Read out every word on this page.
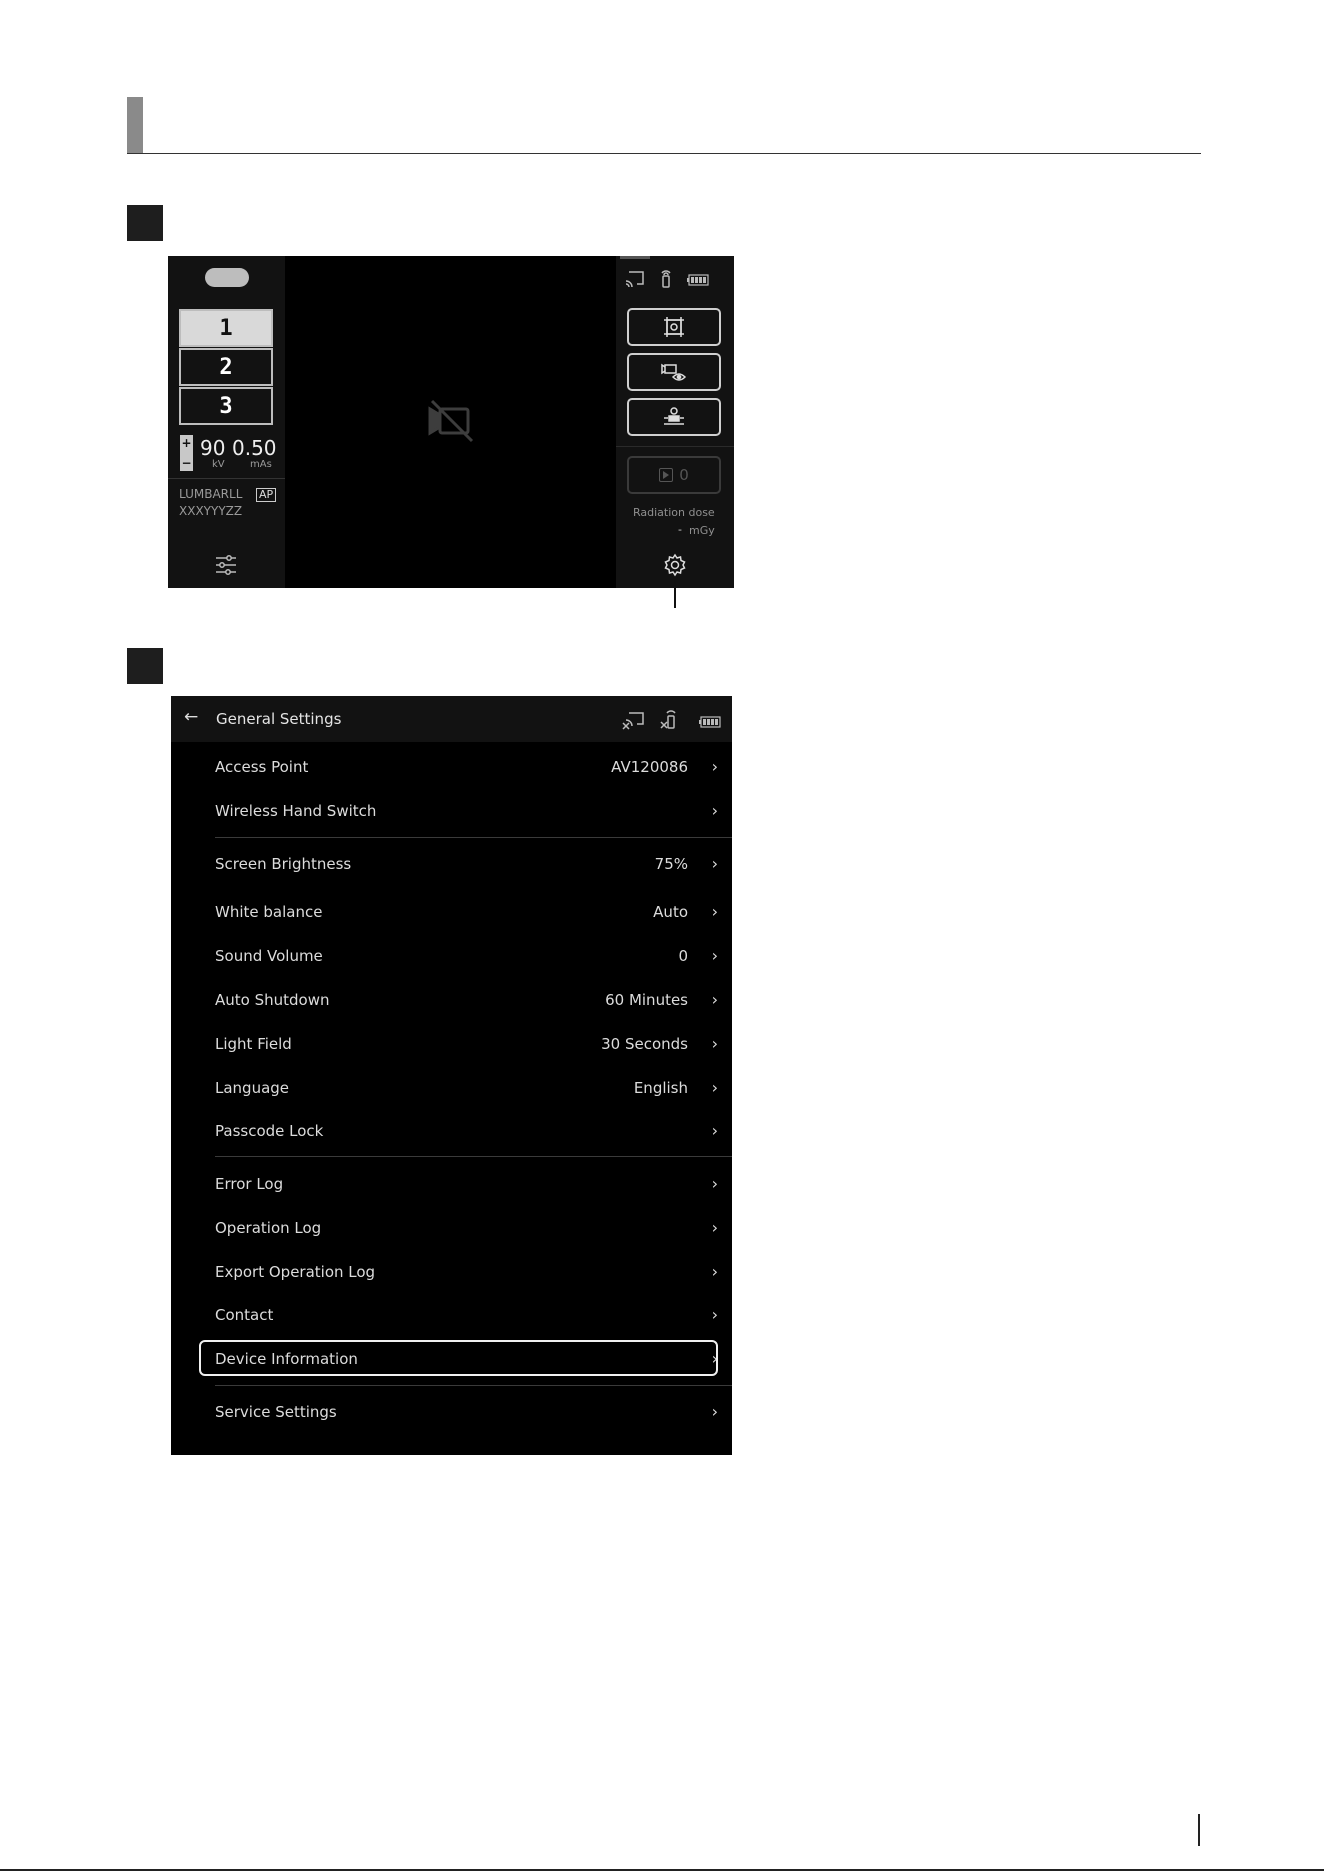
1
2
3
+
−
90
kV
0.50
mAs
LUMBARLL AP
XXXYYYZZ
0
Radiation dose
- mGy
← General Settings
Access Point	AV120086 ›
Wireless Hand Switch	›
Screen Brightness	75% ›
White balance	Auto ›
Sound Volume	0 ›
Auto Shutdown	60 Minutes ›
Light Field	30 Seconds ›
Language	English ›
Passcode Lock	›
Error Log	›
Operation Log	›
Export Operation Log	›
Contact	›
Device Information	›
Service Settings	›
